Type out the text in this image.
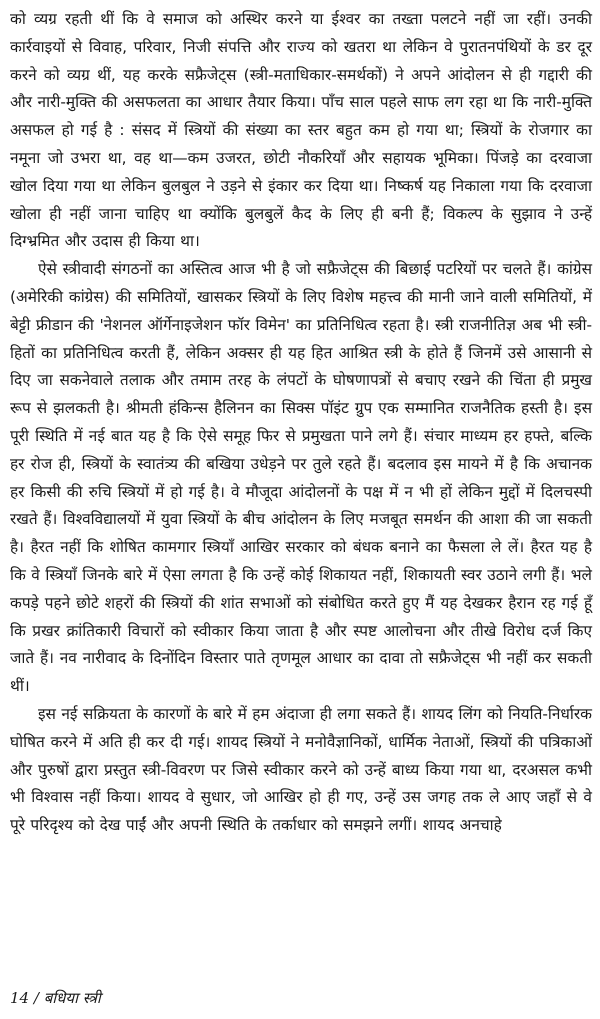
को व्यग्र रहती थीं कि वे समाज को अस्थिर करने या ईश्वर का तख्ता पलटने नहीं जा रहीं। उनकी कार्रवाइयों से विवाह, परिवार, निजी संपत्ति और राज्य को खतरा था लेकिन वे पुरातनपंथियों के डर दूर करने को व्यग्र थीं, यह करके सफ्रैजेट्स (स्त्री-मताधिकार-समर्थकों) ने अपने आंदोलन से ही गद्दारी की और नारी-मुक्ति की असफलता का आधार तैयार किया। पाँच साल पहले साफ लग रहा था कि नारी-मुक्ति असफल हो गई है : संसद में स्त्रियों की संख्या का स्तर बहुत कम हो गया था; स्त्रियों के रोजगार का नमूना जो उभरा था, वह था—कम उजरत, छोटी नौकरियाँ और सहायक भूमिका। पिंजड़े का दरवाजा खोल दिया गया था लेकिन बुलबुल ने उड़ने से इंकार कर दिया था। निष्कर्ष यह निकाला गया कि दरवाजा खोला ही नहीं जाना चाहिए था क्योंकि बुलबुलें कैद के लिए ही बनी हैं; विकल्प के सुझाव ने उन्हें दिग्भ्रमित और उदास ही किया था।

ऐसे स्त्रीवादी संगठनों का अस्तित्व आज भी है जो सफ्रैजेट्स की बिछाई पटरियों पर चलते हैं। कांग्रेस (अमेरिकी कांग्रेस) की समितियों, खासकर स्त्रियों के लिए विशेष महत्त्व की मानी जाने वाली समितियों, में बेट्टी फ्रीडान की 'नेशनल ऑर्गेनाइजेशन फॉर विमेन' का प्रतिनिधित्व रहता है। स्त्री राजनीतिज्ञ अब भी स्त्री-हितों का प्रतिनिधित्व करती हैं, लेकिन अक्सर ही यह हित आश्रित स्त्री के होते हैं जिनमें उसे आसानी से दिए जा सकनेवाले तलाक और तमाम तरह के लंपटों के घोषणापत्रों से बचाए रखने की चिंता ही प्रमुख रूप से झलकती है। श्रीमती हंकिन्स हैलिनन का सिक्स पॉइंट ग्रुप एक सम्मानित राजनैतिक हस्ती है। इस पूरी स्थिति में नई बात यह है कि ऐसे समूह फिर से प्रमुखता पाने लगे हैं। संचार माध्यम हर हफ्ते, बल्कि हर रोज ही, स्त्रियों के स्वातंत्र्य की बखिया उधेड़ने पर तुले रहते हैं। बदलाव इस मायने में है कि अचानक हर किसी की रुचि स्त्रियों में हो गई है। वे मौजूदा आंदोलनों के पक्ष में न भी हों लेकिन मुद्दों में दिलचस्पी रखते हैं। विश्वविद्यालयों में युवा स्त्रियों के बीच आंदोलन के लिए मजबूत समर्थन की आशा की जा सकती है। हैरत नहीं कि शोषित कामगार स्त्रियाँ आखिर सरकार को बंधक बनाने का फैसला ले लें। हैरत यह है कि वे स्त्रियाँ जिनके बारे में ऐसा लगता है कि उन्हें कोई शिकायत नहीं, शिकायती स्वर उठाने लगी हैं। भले कपड़े पहने छोटे शहरों की स्त्रियों की शांत सभाओं को संबोधित करते हुए मैं यह देखकर हैरान रह गई हूँ कि प्रखर क्रांतिकारी विचारों को स्वीकार किया जाता है और स्पष्ट आलोचना और तीखे विरोध दर्ज किए जाते हैं। नव नारीवाद के दिनोंदिन विस्तार पाते तृणमूल आधार का दावा तो सफ्रैजेट्स भी नहीं कर सकती थीं।

इस नई सक्रियता के कारणों के बारे में हम अंदाजा ही लगा सकते हैं। शायद लिंग को नियति-निर्धारक घोषित करने में अति ही कर दी गई। शायद स्त्रियों ने मनोवैज्ञानिकों, धार्मिक नेताओं, स्त्रियों की पत्रिकाओं और पुरुषों द्वारा प्रस्तुत स्त्री-विवरण पर जिसे स्वीकार करने को उन्हें बाध्य किया गया था, दरअसल कभी भी विश्वास नहीं किया। शायद वे सुधार, जो आखिर हो ही गए, उन्हें उस जगह तक ले आए जहाँ से वे पूरे परिदृश्य को देख पाईं और अपनी स्थिति के तर्काधार को समझने लगीं। शायद अनचाहे

14 / बधिया स्त्री
